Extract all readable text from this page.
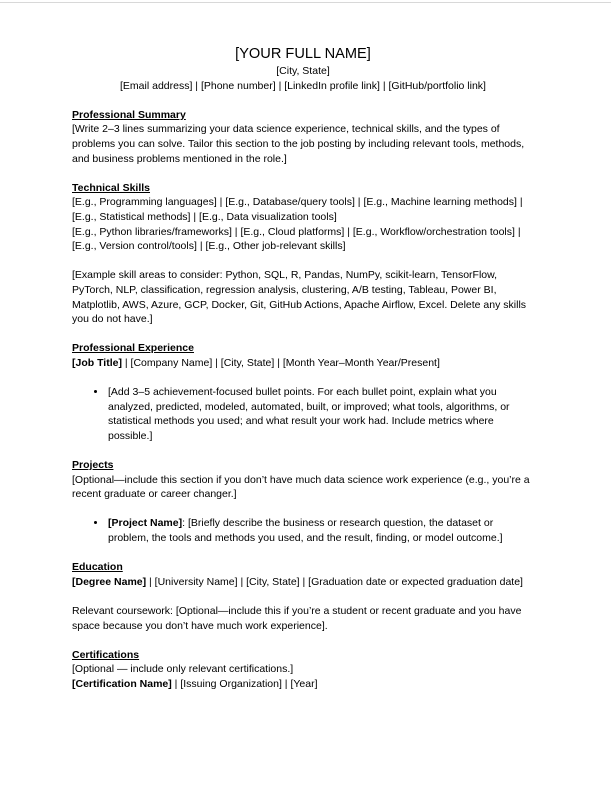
[YOUR FULL NAME]
[City, State]
[Email address] | [Phone number] | [LinkedIn profile link] | [GitHub/portfolio link]
Professional Summary
[Write 2–3 lines summarizing your data science experience, technical skills, and the types of problems you can solve. Tailor this section to the job posting by including relevant tools, methods, and business problems mentioned in the role.]
Technical Skills
[E.g., Programming languages] | [E.g., Database/query tools] | [E.g., Machine learning methods] | [E.g., Statistical methods] | [E.g., Data visualization tools]
[E.g., Python libraries/frameworks] | [E.g., Cloud platforms] | [E.g., Workflow/orchestration tools] | [E.g., Version control/tools] | [E.g., Other job-relevant skills]
[Example skill areas to consider: Python, SQL, R, Pandas, NumPy, scikit-learn, TensorFlow, PyTorch, NLP, classification, regression analysis, clustering, A/B testing, Tableau, Power BI, Matplotlib, AWS, Azure, GCP, Docker, Git, GitHub Actions, Apache Airflow, Excel. Delete any skills you do not have.]
Professional Experience
[Job Title] | [Company Name] | [City, State] | [Month Year–Month Year/Present]
• [Add 3–5 achievement-focused bullet points. For each bullet point, explain what you analyzed, predicted, modeled, automated, built, or improved; what tools, algorithms, or statistical methods you used; and what result your work had. Include metrics where possible.]
Projects
[Optional—include this section if you don’t have much data science work experience (e.g., you’re a recent graduate or career changer.]
• [Project Name]: [Briefly describe the business or research question, the dataset or problem, the tools and methods you used, and the result, finding, or model outcome.]
Education
[Degree Name] | [University Name] | [City, State] | [Graduation date or expected graduation date]
Relevant coursework: [Optional—include this if you’re a student or recent graduate and you have space because you don’t have much work experience].
Certifications
[Optional — include only relevant certifications.]
[Certification Name] | [Issuing Organization] | [Year]
